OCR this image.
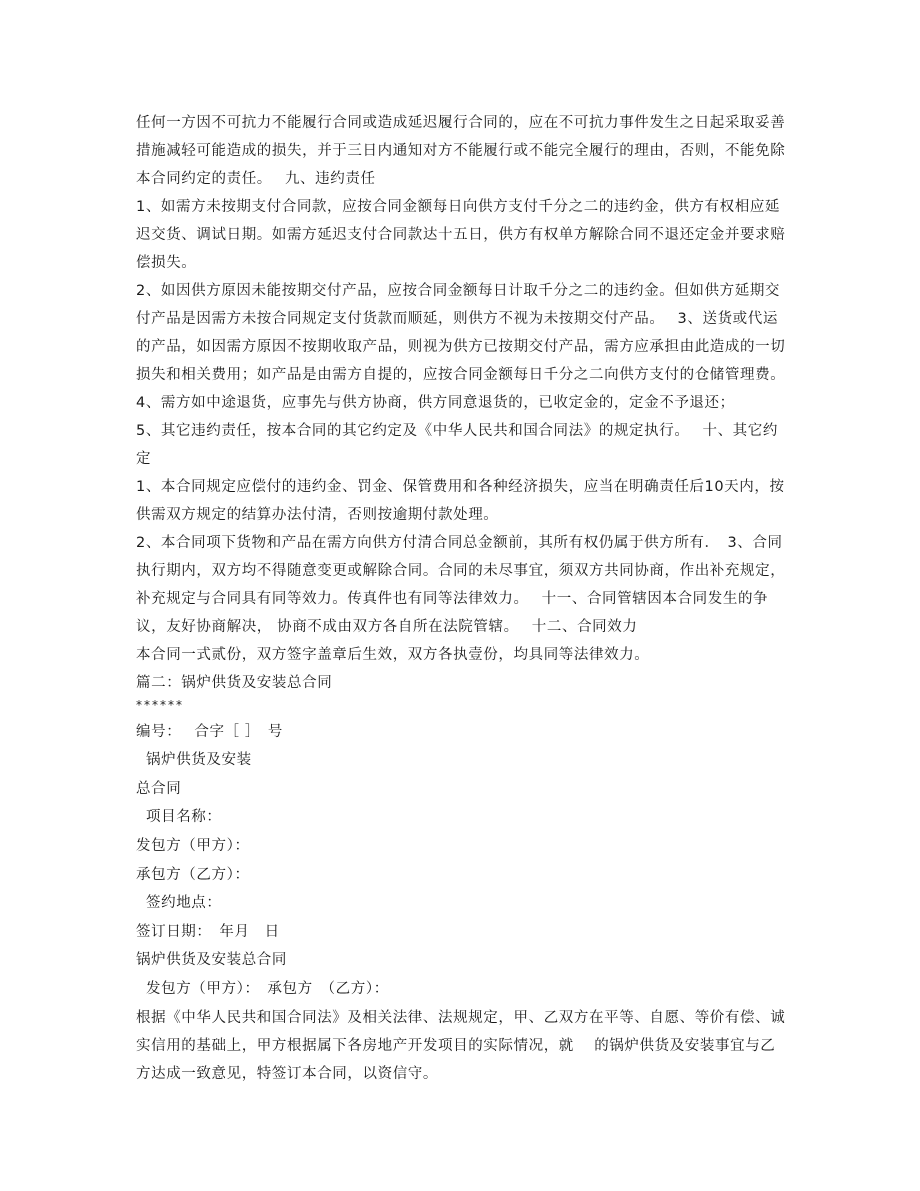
任何一方因不可抗力不能履行合同或造成延迟履行合同的，应在不可抗力事件发生之日起采取妥善措施减轻可能造成的损失，并于三日内通知对方不能履行或不能完全履行的理由，否则，不能免除本合同约定的责任。　 九、违约责任
1、如需方未按期支付合同款，应按合同金额每日向供方支付千分之二的违约金，供方有权相应延迟交货、调试日期。如需方延迟支付合同款达十五日，供方有权单方解除合同不退还定金并要求赔偿损失。
2、如因供方原因未能按期交付产品，应按合同金额每日计取千分之二的违约金。但如供方延期交付产品是因需方未按合同规定支付货款而顺延，则供方不视为未按期交付产品。　 3、送货或代运的产品，如因需方原因不按期收取产品，则视为供方已按期交付产品，需方应承担由此造成的一切损失和相关费用；如产品是由需方自提的，应按合同金额每日千分之二向供方支付的仓储管理费。
4、需方如中途退货，应事先与供方协商，供方同意退货的，已收定金的，定金不予退还；
5、其它违约责任，按本合同的其它约定及《中华人民共和国合同法》的规定执行。　 十、其它约定
1、本合同规定应偿付的违约金、罚金、保管费用和各种经济损失，应当在明确责任后10天内，按供需双方规定的结算办法付清，否则按逾期付款处理。
2、本合同项下货物和产品在需方向供方付清合同总金额前，其所有权仍属于供方所有．　3、合同执行期内，双方均不得随意变更或解除合同。合同的未尽事宜，须双方共同协商，作出补充规定，补充规定与合同具有同等效力。传真件也有同等法律效力。　 十一、合同管辖因本合同发生的争议，友好协商解决， 协商不成由双方各自所在法院管辖。　 十二、合同效力
本合同一式贰份，双方签字盖章后生效，双方各执壹份，均具同等法律效力。
篇二：锅炉供货及安装总合同
******
编号：　 合字［ ］　号
锅炉供货及安装
总合同
项目名称：
发包方（甲方）：
承包方（乙方）：
签约地点：
签订日期：　年月　日
锅炉供货及安装总合同
发包方（甲方）：　承包方　（乙方）：
根据《中华人民共和国合同法》及相关法律、法规规定，甲、乙双方在平等、自愿、等价有偿、诚实信用的基础上，甲方根据属下各房地产开发项目的实际情况，就　 的锅炉供货及安装事宜与乙方达成一致意见，特签订本合同，以资信守。
